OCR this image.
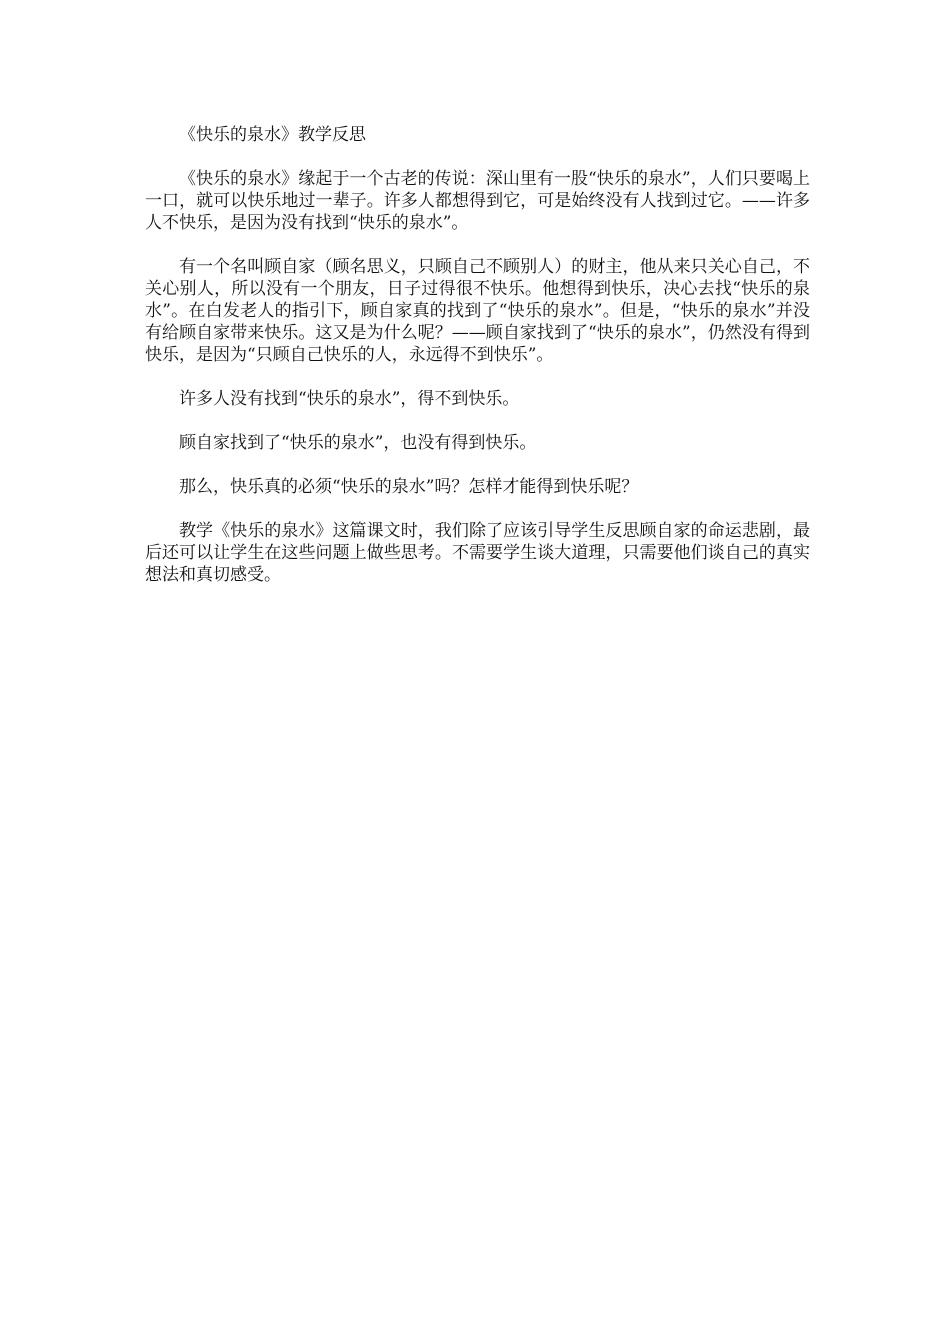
《快乐的泉水》教学反思

《快乐的泉水》缘起于一个古老的传说：深山里有一股“快乐的泉水”，人们只要喝上一口，就可以快乐地过一辈子。许多人都想得到它，可是始终没有人找到过它。——许多人不快乐，是因为没有找到“快乐的泉水”。

有一个名叫顾自家（顾名思义，只顾自己不顾别人）的财主，他从来只关心自己，不关心别人，所以没有一个朋友，日子过得很不快乐。他想得到快乐，决心去找“快乐的泉水”。在白发老人的指引下，顾自家真的找到了“快乐的泉水”。但是，“快乐的泉水”并没有给顾自家带来快乐。这又是为什么呢？——顾自家找到了“快乐的泉水”，仍然没有得到快乐，是因为“只顾自己快乐的人，永远得不到快乐”。

许多人没有找到“快乐的泉水”，得不到快乐。

顾自家找到了“快乐的泉水”，也没有得到快乐。

那么，快乐真的必须“快乐的泉水”吗？怎样才能得到快乐呢？

教学《快乐的泉水》这篇课文时，我们除了应该引导学生反思顾自家的命运悲剧，最后还可以让学生在这些问题上做些思考。不需要学生谈大道理，只需要他们谈自己的真实想法和真切感受。
